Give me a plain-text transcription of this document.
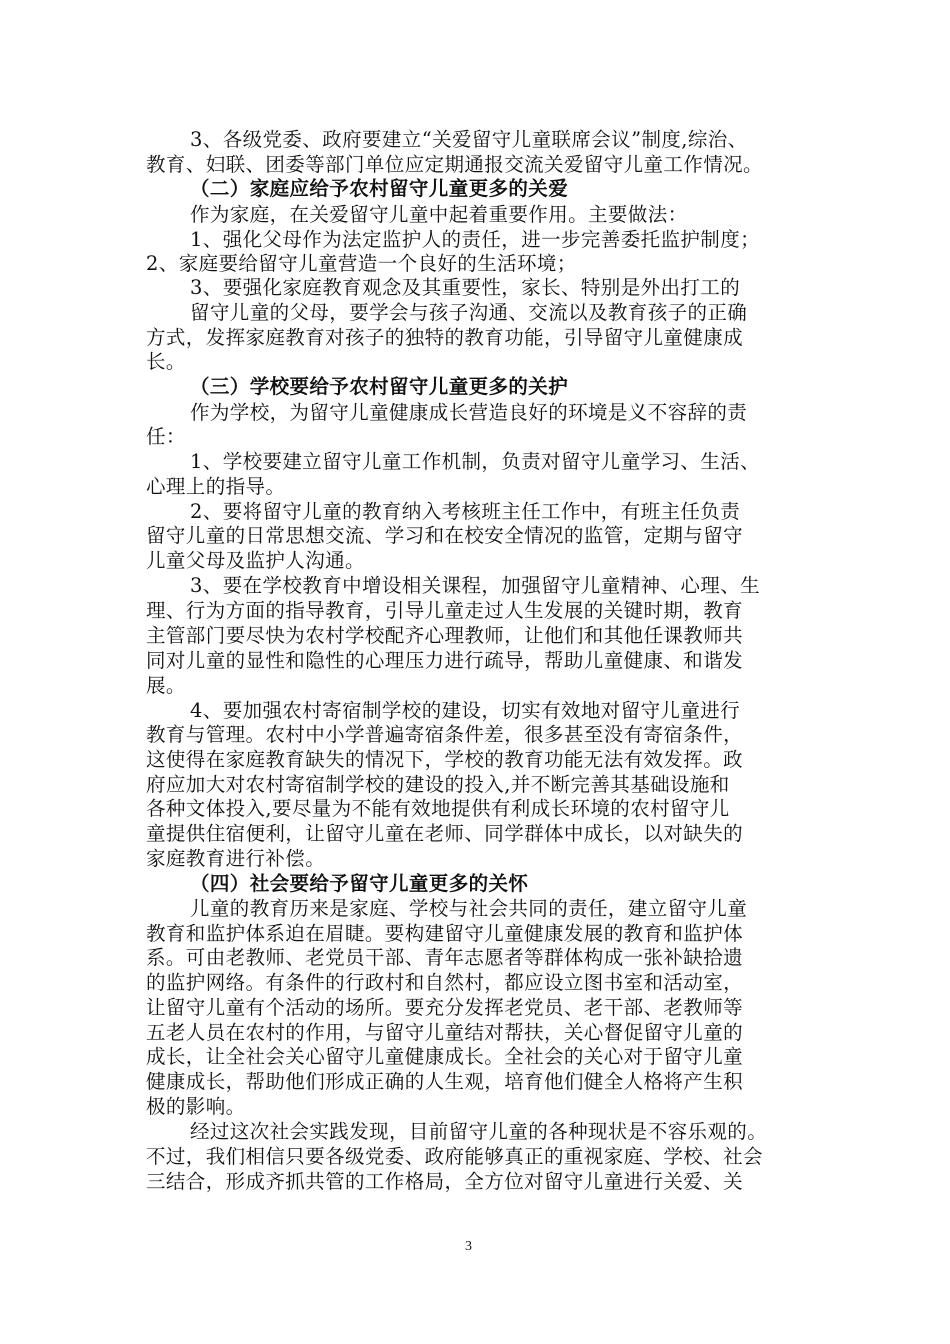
3、各级党委、政府要建立“关爱留守儿童联席会议”制度,综治、
教育、妇联、团委等部门单位应定期通报交流关爱留守儿童工作情况。
（二）家庭应给予农村留守儿童更多的关爱
作为家庭，在关爱留守儿童中起着重要作用。主要做法：
1、强化父母作为法定监护人的责任，进一步完善委托监护制度；
2、家庭要给留守儿童营造一个良好的生活环境；
3、要强化家庭教育观念及其重要性，家长、特别是外出打工的
留守儿童的父母，要学会与孩子沟通、交流以及教育孩子的正确
方式，发挥家庭教育对孩子的独特的教育功能，引导留守儿童健康成
长。
（三）学校要给予农村留守儿童更多的关护
作为学校，为留守儿童健康成长营造良好的环境是义不容辞的责
任：
1、学校要建立留守儿童工作机制，负责对留守儿童学习、生活、
心理上的指导。
2、要将留守儿童的教育纳入考核班主任工作中，有班主任负责
留守儿童的日常思想交流、学习和在校安全情况的监管，定期与留守
儿童父母及监护人沟通。
3、要在学校教育中增设相关课程，加强留守儿童精神、心理、生
理、行为方面的指导教育，引导儿童走过人生发展的关键时期，教育
主管部门要尽快为农村学校配齐心理教师，让他们和其他任课教师共
同对儿童的显性和隐性的心理压力进行疏导，帮助儿童健康、和谐发
展。
4、要加强农村寄宿制学校的建设，切实有效地对留守儿童进行
教育与管理。农村中小学普遍寄宿条件差，很多甚至没有寄宿条件，
这使得在家庭教育缺失的情况下，学校的教育功能无法有效发挥。政
府应加大对农村寄宿制学校的建设的投入,并不断完善其基础设施和
各种文体投入,要尽量为不能有效地提供有利成长环境的农村留守儿
童提供住宿便利，让留守儿童在老师、同学群体中成长，以对缺失的
家庭教育进行补偿。
（四）社会要给予留守儿童更多的关怀
儿童的教育历来是家庭、学校与社会共同的责任，建立留守儿童
教育和监护体系迫在眉睫。要构建留守儿童健康发展的教育和监护体
系。可由老教师、老党员干部、青年志愿者等群体构成一张补缺拾遗
的监护网络。有条件的行政村和自然村，都应设立图书室和活动室，
让留守儿童有个活动的场所。要充分发挥老党员、老干部、老教师等
五老人员在农村的作用，与留守儿童结对帮扶，关心督促留守儿童的
成长，让全社会关心留守儿童健康成长。全社会的关心对于留守儿童
健康成长，帮助他们形成正确的人生观，培育他们健全人格将产生积
极的影响。
经过这次社会实践发现，目前留守儿童的各种现状是不容乐观的。
不过，我们相信只要各级党委、政府能够真正的重视家庭、学校、社会
三结合，形成齐抓共管的工作格局，全方位对留守儿童进行关爱、关
3
